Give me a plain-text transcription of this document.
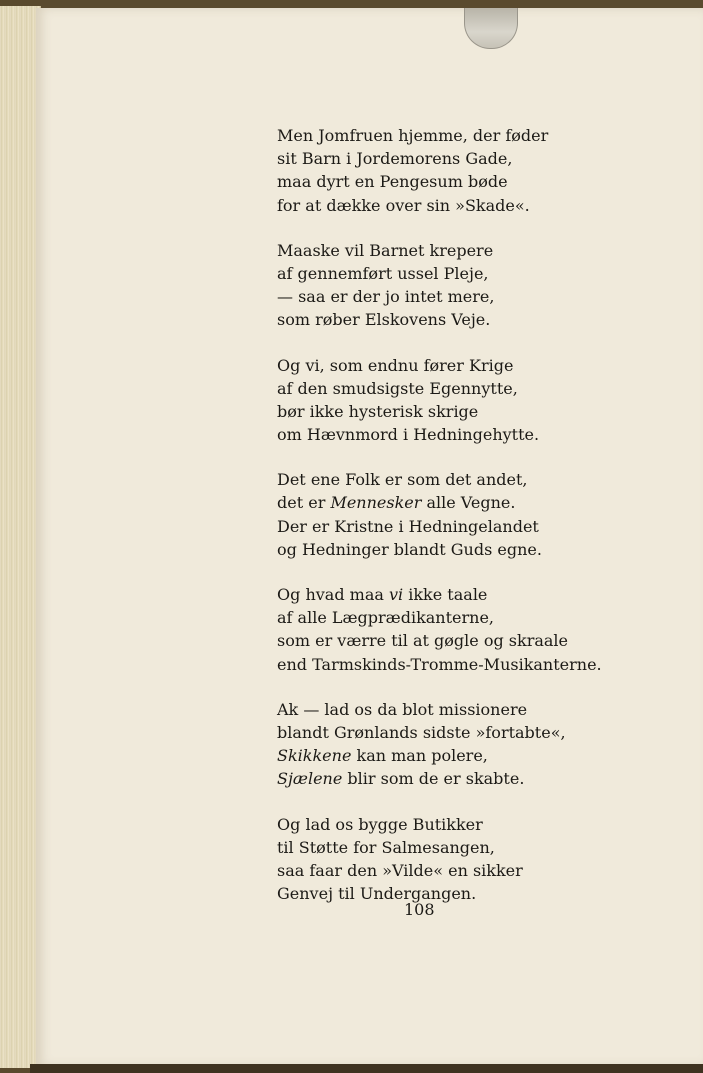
Men Jomfruen hjemme, der føder
sit Barn i Jordemorens Gade,
maa dyrt en Pengesum bøde
for at dække over sin »Skade«.
Maaske vil Barnet krepere
af gennemført ussel Pleje,
— saa er der jo intet mere,
som røber Elskovens Veje.
Og vi, som endnu fører Krige
af den smudsigste Egennytte,
bør ikke hysterisk skrige
om Hævnmord i Hedningehytte.
Det ene Folk er som det andet,
det er Mennesker alle Vegne.
Der er Kristne i Hedningelandet
og Hedninger blandt Guds egne.
Og hvad maa vi ikke taale
af alle Lægprædikanterne,
som er værre til at gøgle og skraale
end Tarmskinds-Tromme-Musikanterne.
Ak — lad os da blot missionere
blandt Grønlands sidste »fortabte«,
Skikkene kan man polere,
Sjælene blir som de er skabte.
Og lad os bygge Butikker
til Støtte for Salmesangen,
saa faar den »Vilde« en sikker
Genvej til Undergangen.
108
